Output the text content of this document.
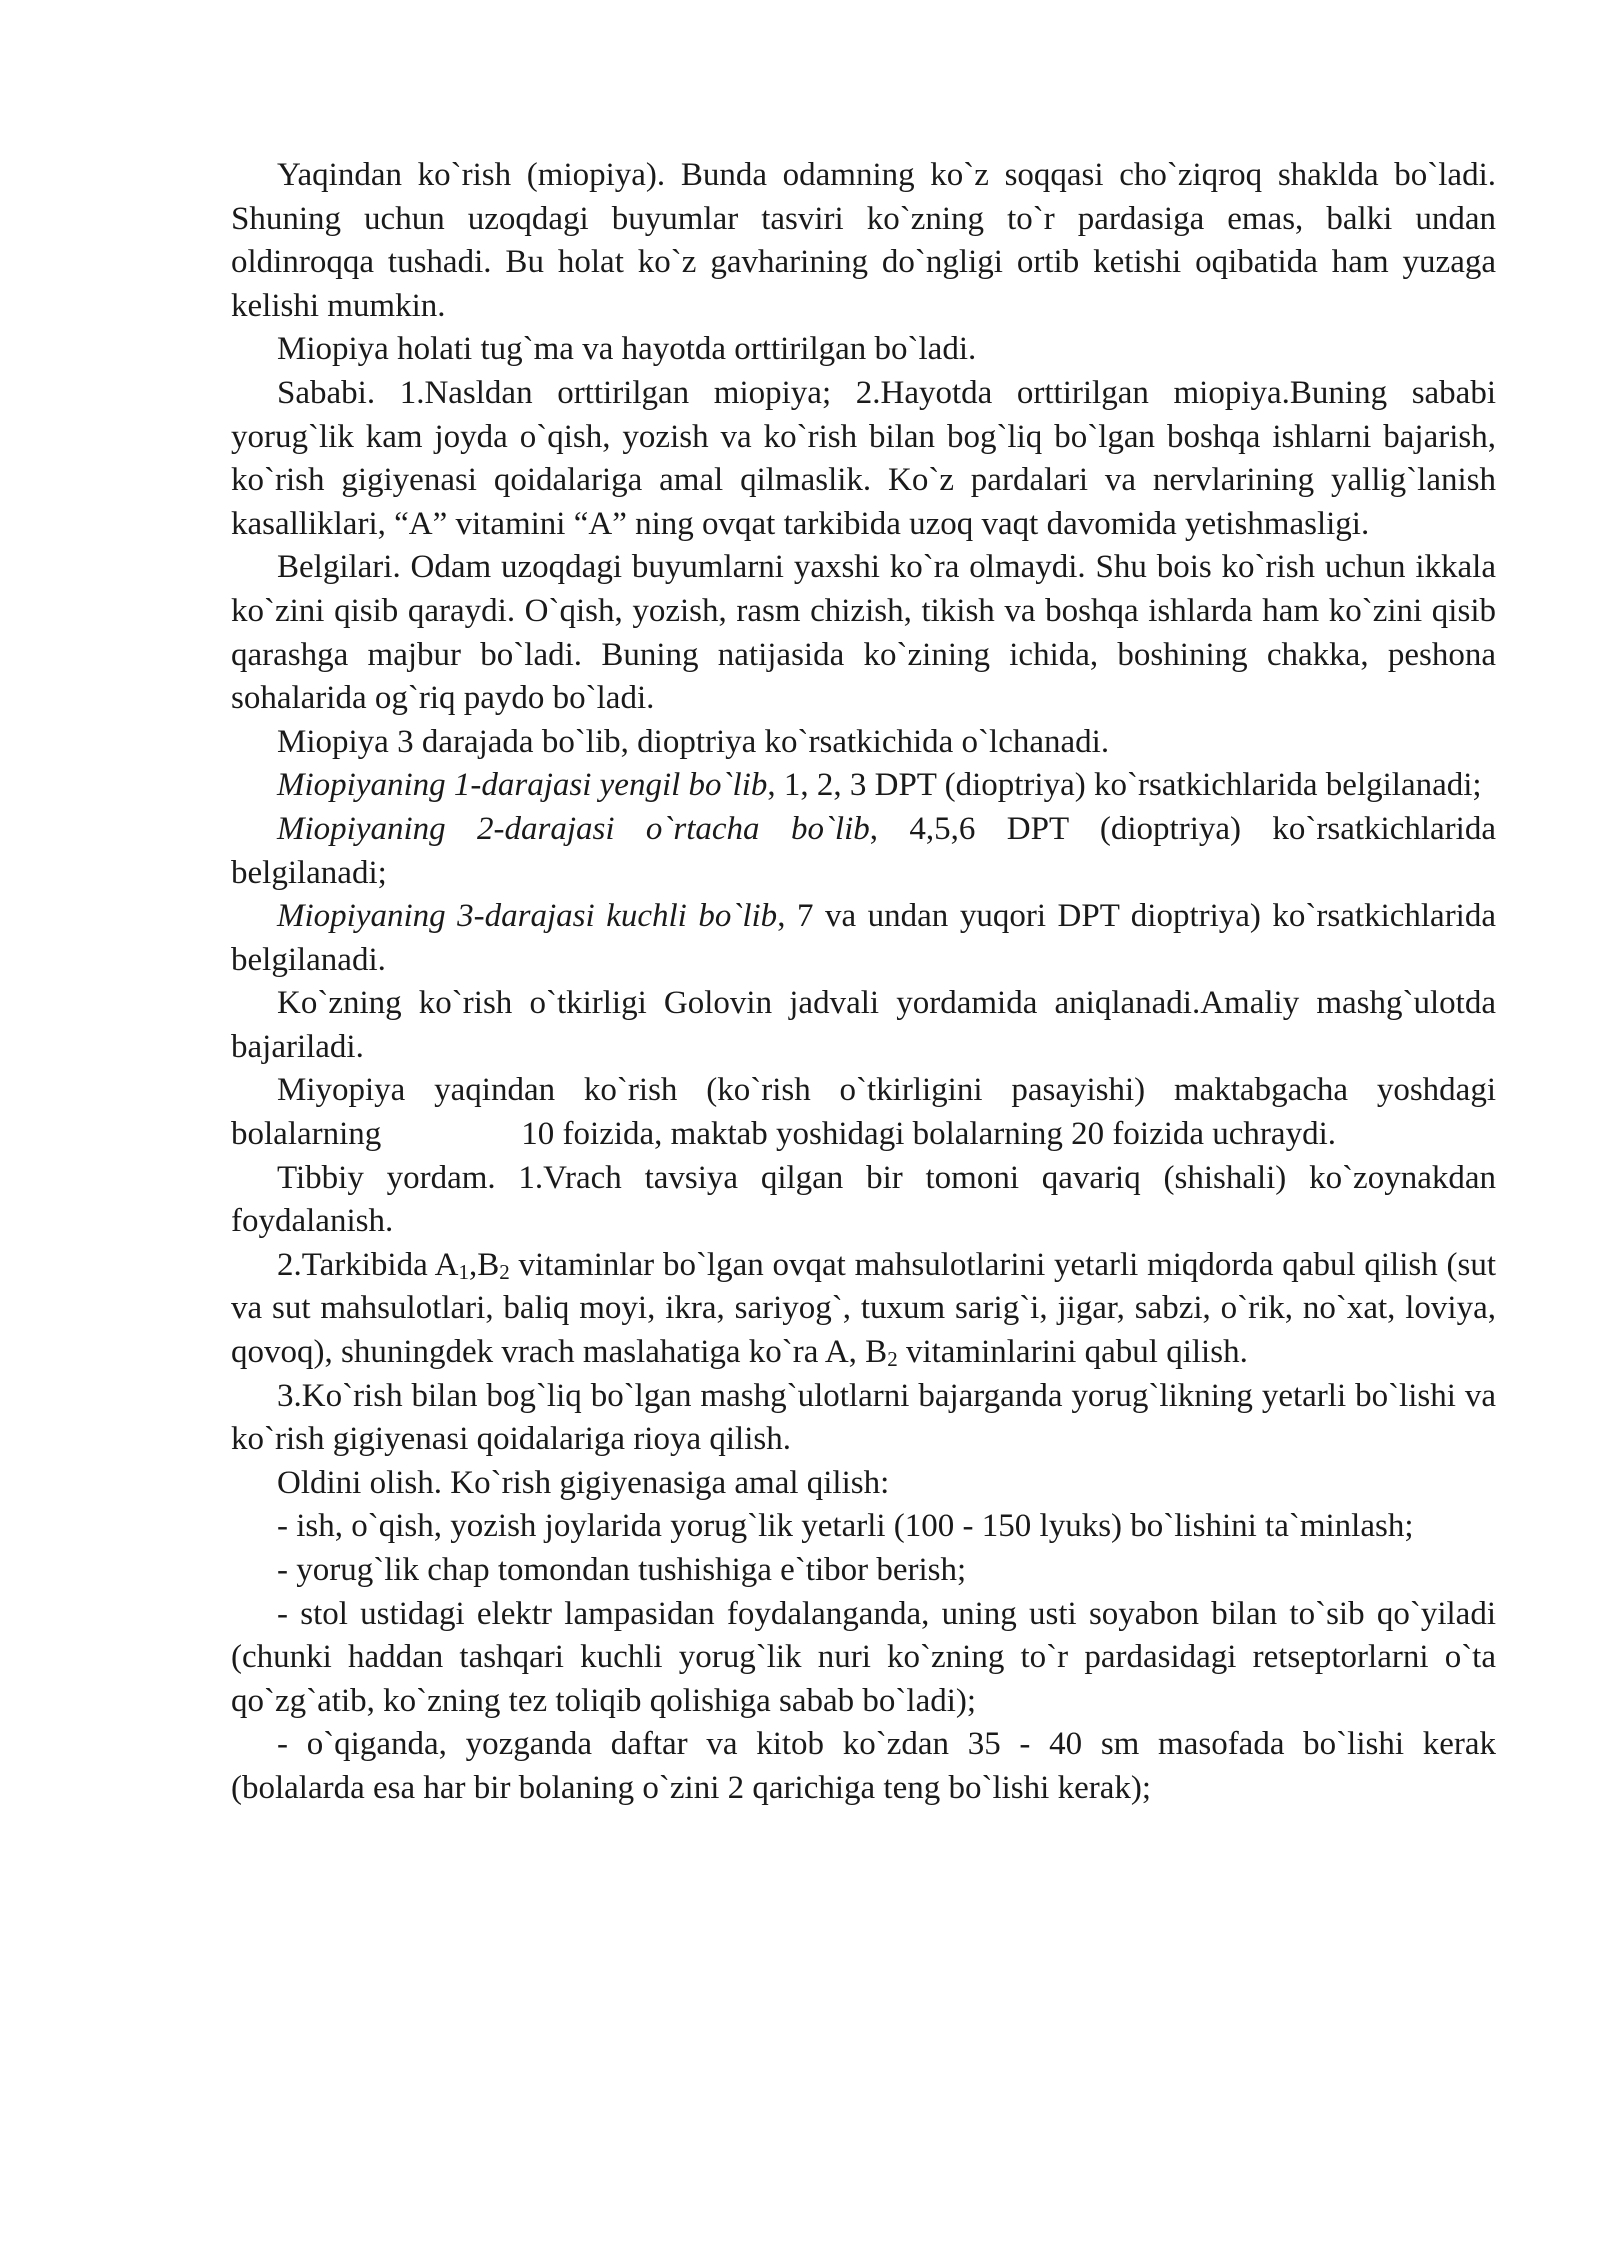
Yaqindan ko`rish (miopiya). Bunda odamning ko`z soqqasi cho`ziqroq shaklda bo`ladi. Shuning uchun uzoqdagi buyumlar tasviri ko`zning to`r pardasiga emas, balki undan oldinroqqa tushadi. Bu holat ko`z gavharining do`ngligi ortib ketishi oqibatida ham yuzaga kelishi mumkin.

Miopiya holati tug`ma va hayotda orttirilgan bo`ladi.

Sababi. 1.Nasldan orttirilgan miopiya; 2.Hayotda orttirilgan miopiya.Buning sababi yorug`lik kam joyda o`qish, yozish va ko`rish bilan bog`liq bo`lgan boshqa ishlarni bajarish, ko`rish gigiyenasi qoidalariga amal qilmaslik. Ko`z pardalari va nervlarining yallig`lanish kasalliklari, “A” vitamini “A” ning ovqat tarkibida uzoq vaqt davomida yetishmasligi.

Belgilari. Odam uzoqdagi buyumlarni yaxshi ko`ra olmaydi. Shu bois ko`rish uchun ikkala ko`zini qisib qaraydi. O`qish, yozish, rasm chizish, tikish va boshqa ishlarda ham ko`zini qisib qarashga majbur bo`ladi. Buning natijasida ko`zining ichida, boshining chakka, peshona sohalarida og`riq paydo bo`ladi.

Miopiya 3 darajada bo`lib, dioptriya ko`rsatkichida o`lchanadi.

Miopiyaning 1-darajasi yengil bo`lib, 1, 2, 3 DPT (dioptriya) ko`rsatkichlarida belgilanadi;

Miopiyaning 2-darajasi o`rtacha bo`lib, 4,5,6 DPT (dioptriya) ko`rsatkichlarida belgilanadi;

Miopiyaning 3-darajasi kuchli bo`lib, 7 va undan yuqori DPT dioptriya) ko`rsatkichlarida belgilanadi.

Ko`zning ko`rish o`tkirligi Golovin jadvali yordamida aniqlanadi.Amaliy mashg`ulotda bajariladi.

Miyopiya yaqindan ko`rish (ko`rish o`tkirligini pasayishi) maktabgacha yoshdagi bolalarning	10 foizida, maktab yoshidagi bolalarning 20 foizida uchraydi.

Tibbiy yordam. 1.Vrach tavsiya qilgan bir tomoni qavariq (shishali) ko`zoynakdan foydalanish.

2.Tarkibida $A_1,B_2$ vitaminlar bo`lgan ovqat mahsulotlarini yetarli miqdorda qabul qilish (sut va sut mahsulotlari, baliq moyi, ikra, sariyog`, tuxum sarig`i, jigar, sabzi, o`rik, no`xat, loviya, qovoq), shuningdek vrach maslahatiga ko`ra A, $B_2$ vitaminlarini qabul qilish.

3.Ko`rish bilan bog`liq bo`lgan mashg`ulotlarni bajarganda yorug`likning yetarli bo`lishi va ko`rish gigiyenasi qoidalariga rioya qilish.

Oldini olish. Ko`rish gigiyenasiga amal qilish:

- ish, o`qish, yozish joylarida yorug`lik yetarli (100 - 150 lyuks) bo`lishini ta`minlash;

- yorug`lik chap tomondan tushishiga e`tibor berish;

- stol ustidagi elektr lampasidan foydalanganda, uning usti soyabon bilan to`sib qo`yiladi (chunki haddan tashqari kuchli yorug`lik nuri ko`zning to`r pardasidagi retseptorlarni o`ta qo`zg`atib, ko`zning tez toliqib qolishiga sabab bo`ladi);

- o`qiganda, yozganda daftar va kitob ko`zdan 35 - 40 sm masofada bo`lishi kerak (bolalarda esa har bir bolaning o`zini 2 qarichiga teng bo`lishi kerak);
